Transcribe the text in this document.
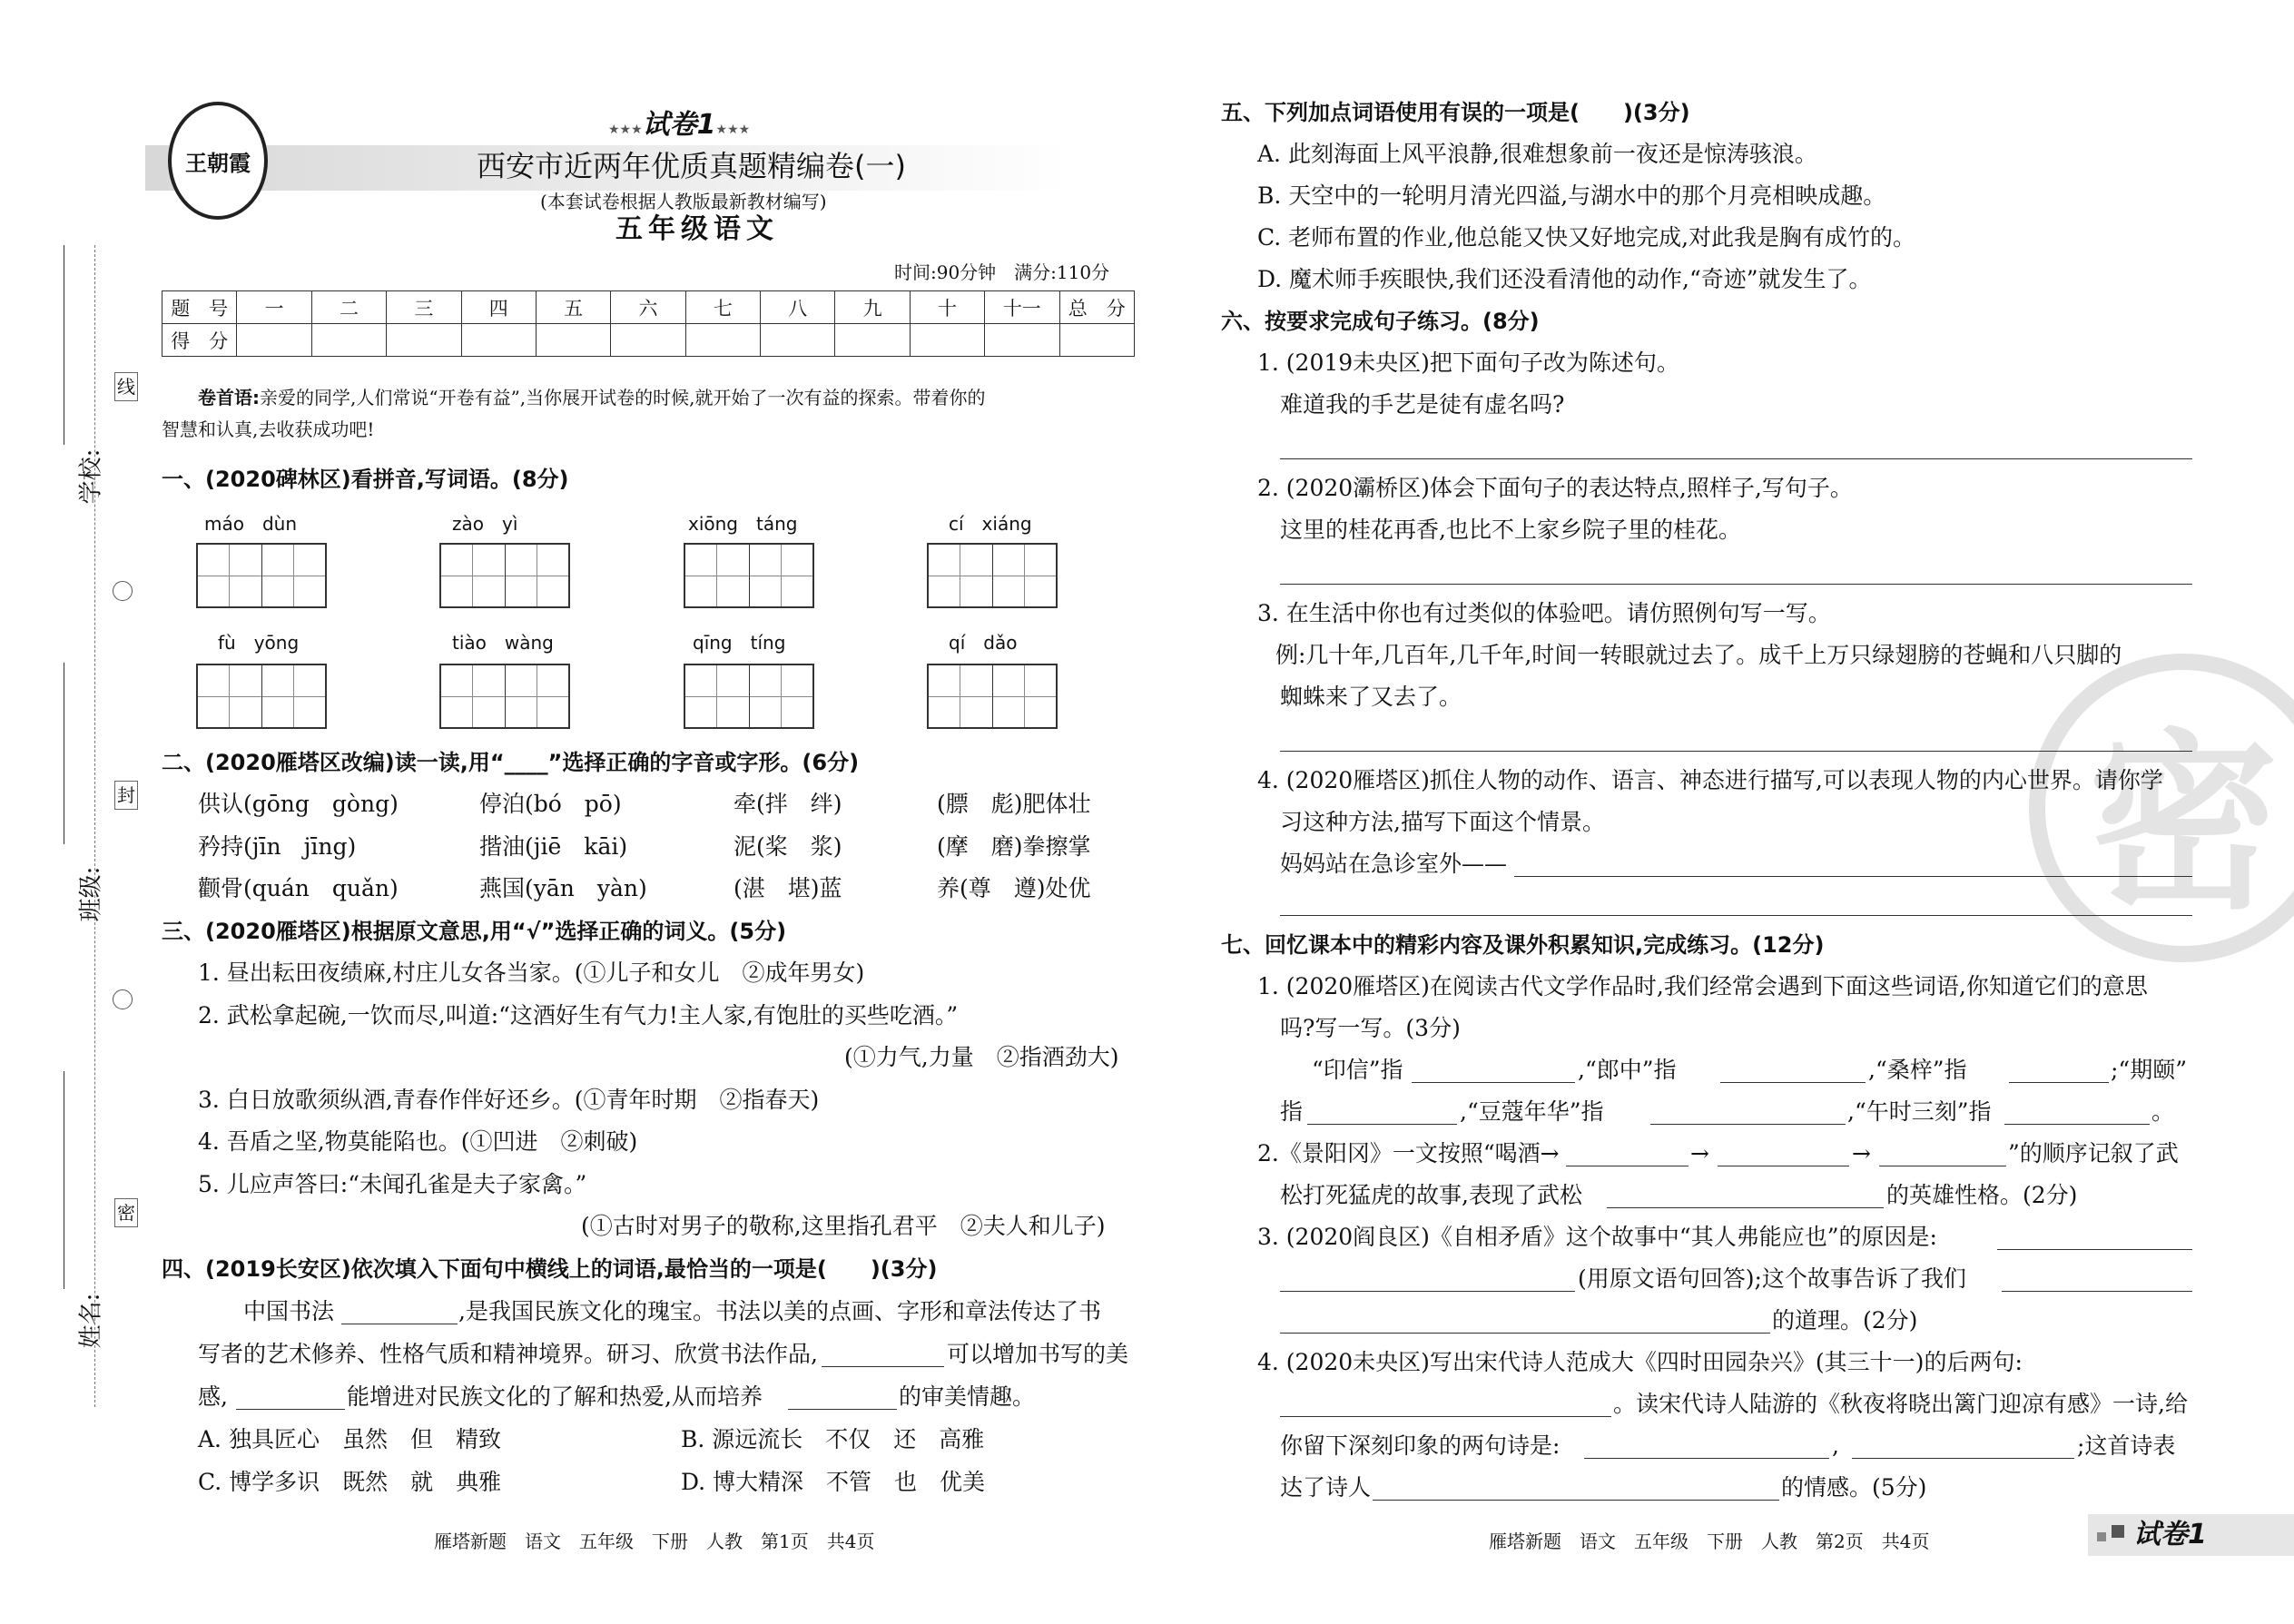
学校:
班级:
姓名:
线
封
密
王朝霞
★★★试卷1★★★
西安市近两年优质真题精编卷(一)
(本套试卷根据人教版最新教材编写)
五年级语文
时间:90分钟　满分:110分
题　号	一	二	三	四	五	六	七	八	九	十	十一	总　分
得　分												
卷首语:亲爱的同学,人们常说“开卷有益”,当你展开试卷的时候,就开始了一次有益的探索。带着你的
智慧和认真,去收获成功吧!
一、(2020碑林区)看拼音,写词语。(8分)
máo　dùn	zào　yì	xiōng　táng	cí　xiáng
fù　yōng	tiào　wàng	qīng　tíng	qí　dǎo
二、(2020雁塔区改编)读一读,用“____”选择正确的字音或字形。(6分)
供认(gōng　gòng)	停泊(bó　pō)	牵(拌　绊)	(膘　彪)肥体壮
矜持(jīn　jīng)	揩油(jiē　kāi)	泥(桨　浆)	(摩　磨)拳擦掌
颧骨(quán　quǎn)	燕国(yān　yàn)	(湛　堪)蓝	养(尊　遵)处优
三、(2020雁塔区)根据原文意思,用“√”选择正确的词义。(5分)
1. 昼出耘田夜绩麻,村庄儿女各当家。(①儿子和女儿　②成年男女)
2. 武松拿起碗,一饮而尽,叫道:“这酒好生有气力!主人家,有饱肚的买些吃酒。”
(①力气,力量　②指酒劲大)
3. 白日放歌须纵酒,青春作伴好还乡。(①青年时期　②指春天)
4. 吾盾之坚,物莫能陷也。(①凹进　②刺破)
5. 儿应声答曰:“未闻孔雀是夫子家禽。”
(①古时对男子的敬称,这里指孔君平　②夫人和儿子)
四、(2019长安区)依次填入下面句中横线上的词语,最恰当的一项是(　　)(3分)
中国书法	,是我国民族文化的瑰宝。书法以美的点画、字形和章法传达了书
写者的艺术修养、性格气质和精神境界。研习、欣赏书法作品,	可以增加书写的美
感,	能增进对民族文化的了解和热爱,从而培养	的审美情趣。
A. 独具匠心　虽然　但　精致	B. 源远流长　不仅　还　高雅
C. 博学多识　既然　就　典雅	D. 博大精深　不管　也　优美
雁塔新题　语文　五年级　下册　人教　第1页　共4页
密
五、下列加点词语使用有误的一项是(　　)(3分)
A. 此刻海面上风平浪静,很难想象前一夜还是惊涛骇浪。
B. 天空中的一轮明月清光四溢,与湖水中的那个月亮相映成趣。
C. 老师布置的作业,他总能又快又好地完成,对此我是胸有成竹的。
D. 魔术师手疾眼快,我们还没看清他的动作,“奇迹”就发生了。
六、按要求完成句子练习。(8分)
1. (2019未央区)把下面句子改为陈述句。
难道我的手艺是徒有虚名吗?
2. (2020灞桥区)体会下面句子的表达特点,照样子,写句子。
这里的桂花再香,也比不上家乡院子里的桂花。
3. 在生活中你也有过类似的体验吧。请仿照例句写一写。
例:几十年,几百年,几千年,时间一转眼就过去了。成千上万只绿翅膀的苍蝇和八只脚的
蜘蛛来了又去了。
4. (2020雁塔区)抓住人物的动作、语言、神态进行描写,可以表现人物的内心世界。请你学
习这种方法,描写下面这个情景。
妈妈站在急诊室外——
七、回忆课本中的精彩内容及课外积累知识,完成练习。(12分)
1. (2020雁塔区)在阅读古代文学作品时,我们经常会遇到下面这些词语,你知道它们的意思
吗?写一写。(3分)
“印信”指	,“郎中”指	,“桑梓”指	;“期颐”
指	,“豆蔻年华”指	,“午时三刻”指	。
2.《景阳冈》一文按照“喝酒→	→	→	”的顺序记叙了武
松打死猛虎的故事,表现了武松	的英雄性格。(2分)
3. (2020阎良区)《自相矛盾》这个故事中“其人弗能应也”的原因是:
(用原文语句回答);这个故事告诉了我们
的道理。(2分)
4. (2020未央区)写出宋代诗人范成大《四时田园杂兴》(其三十一)的后两句:
。读宋代诗人陆游的《秋夜将晓出篱门迎凉有感》一诗,给
你留下深刻印象的两句诗是:	,	;这首诗表
达了诗人	的情感。(5分)
雁塔新题　语文　五年级　下册　人教　第2页　共4页	试卷1
